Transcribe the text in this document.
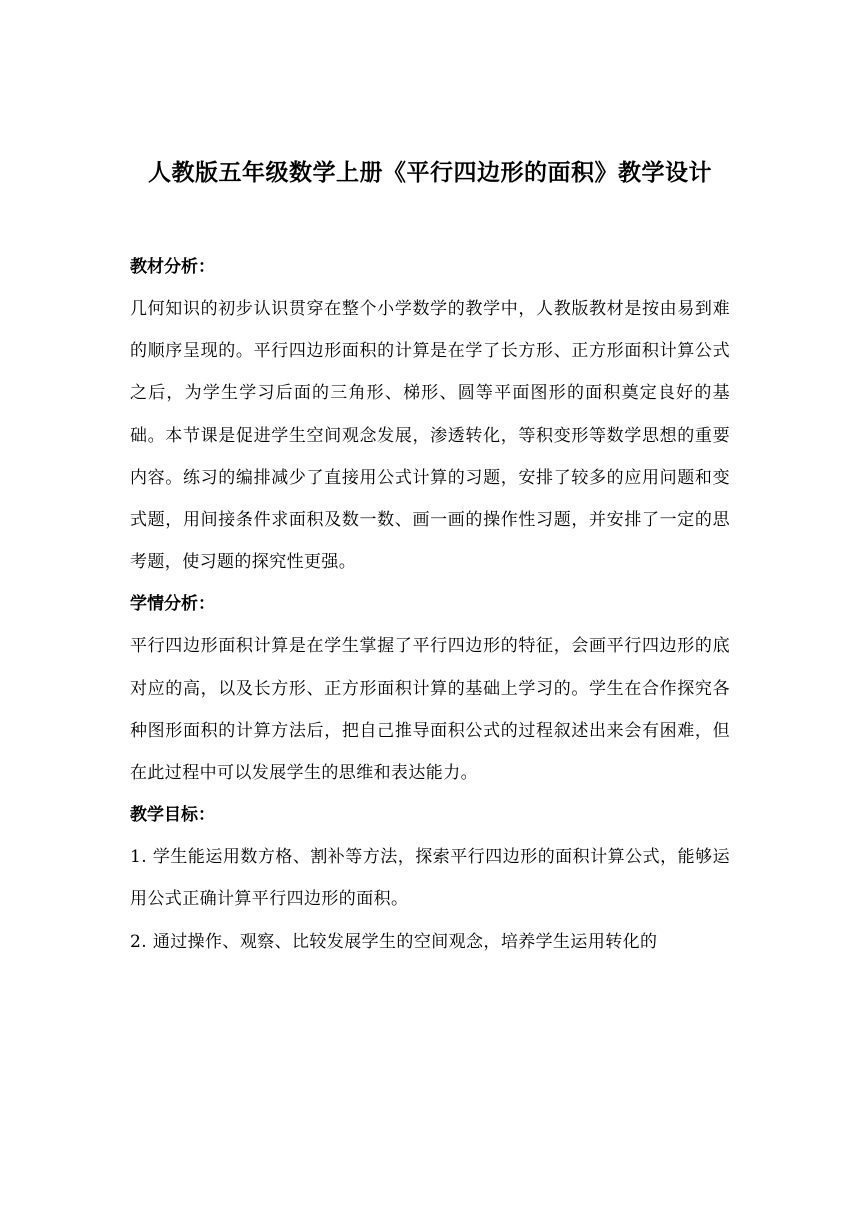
人教版五年级数学上册《平行四边形的面积》教学设计
教材分析：
几何知识的初步认识贯穿在整个小学数学的教学中，人教版教材是按由易到难的顺序呈现的。平行四边形面积的计算是在学了长方形、正方形面积计算公式之后，为学生学习后面的三角形、梯形、圆等平面图形的面积奠定良好的基础。本节课是促进学生空间观念发展，渗透转化，等积变形等数学思想的重要内容。练习的编排减少了直接用公式计算的习题，安排了较多的应用问题和变式题，用间接条件求面积及数一数、画一画的操作性习题，并安排了一定的思考题，使习题的探究性更强。
学情分析：
平行四边形面积计算是在学生掌握了平行四边形的特征，会画平行四边形的底对应的高，以及长方形、正方形面积计算的基础上学习的。学生在合作探究各种图形面积的计算方法后，把自己推导面积公式的过程叙述出来会有困难，但在此过程中可以发展学生的思维和表达能力。
教学目标：
1. 学生能运用数方格、割补等方法，探索平行四边形的面积计算公式，能够运用公式正确计算平行四边形的面积。
2. 通过操作、观察、比较发展学生的空间观念，培养学生运用转化的
